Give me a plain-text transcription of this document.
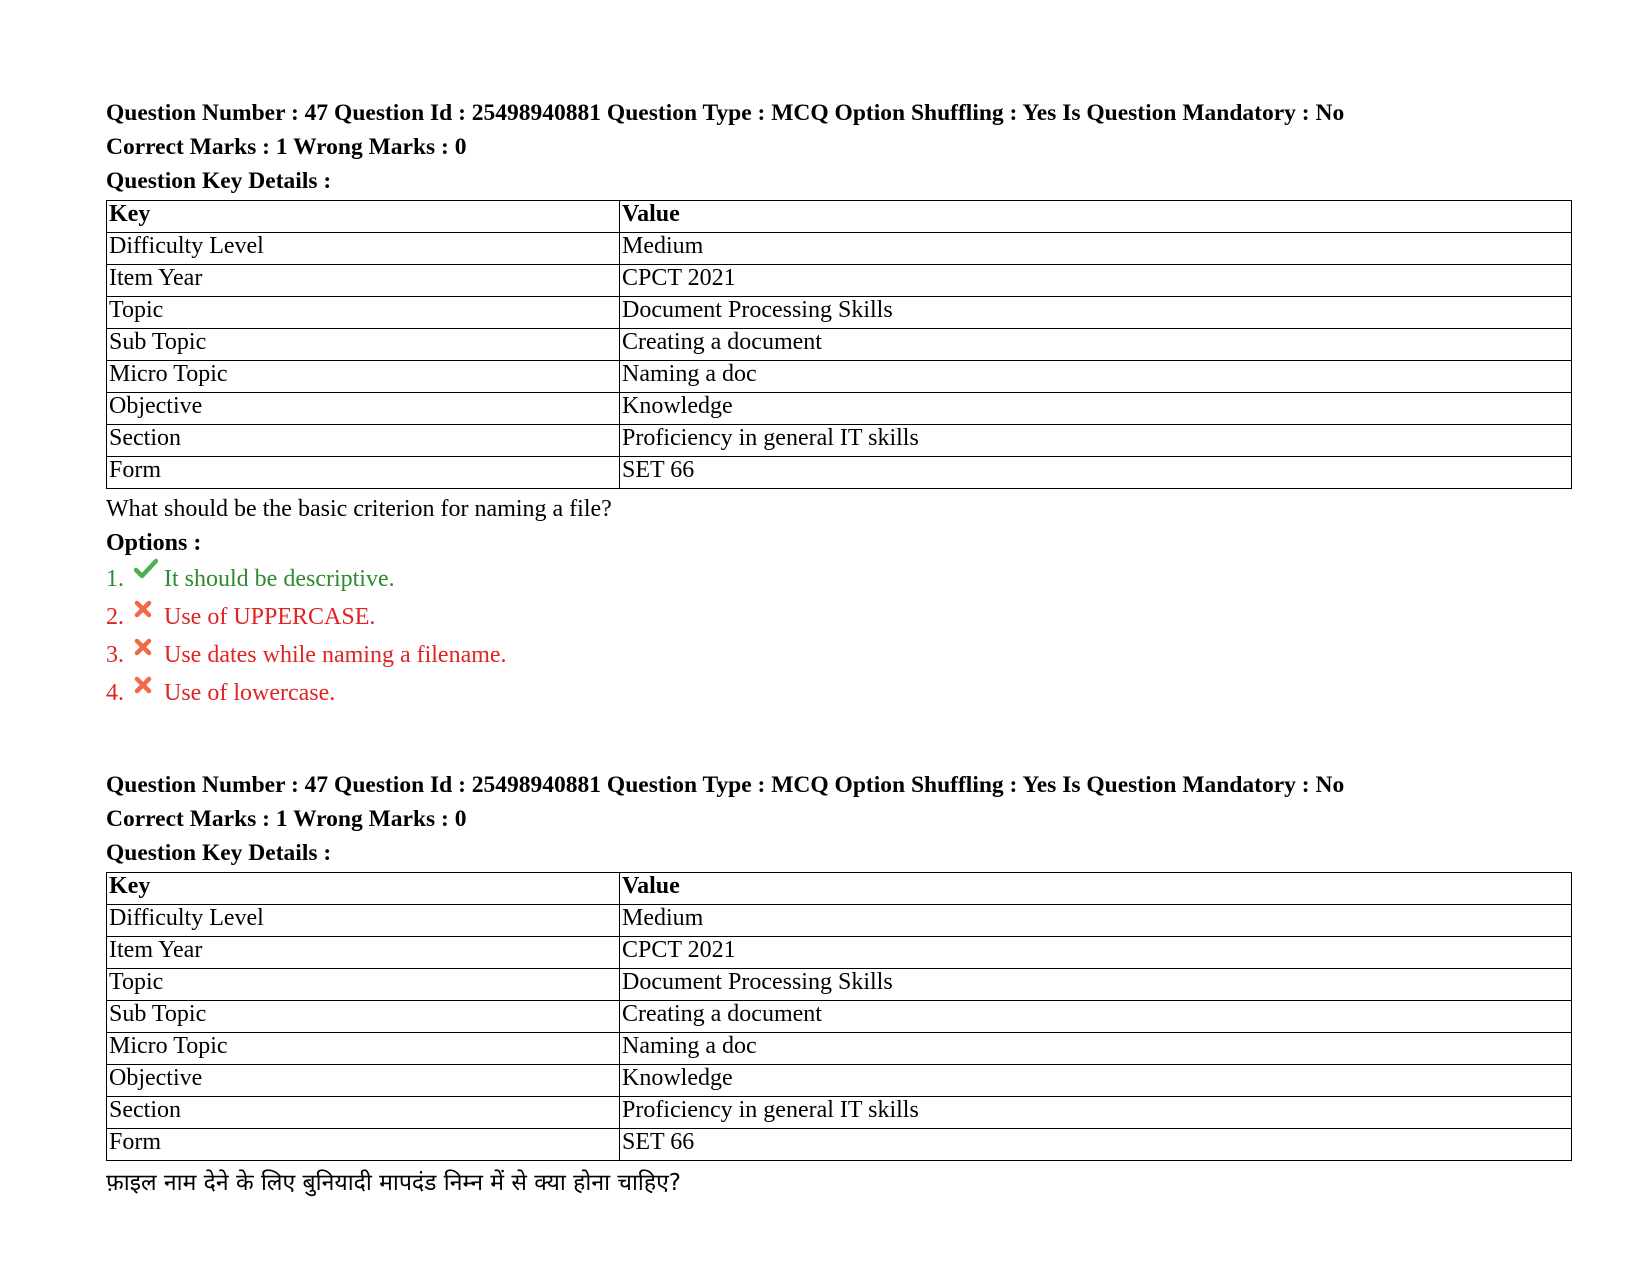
Question Number : 47 Question Id : 25498940881 Question Type : MCQ Option Shuffling : Yes Is Question Mandatory : No
Correct Marks : 1 Wrong Marks : 0
Question Key Details :
Key	Value
Difficulty Level	Medium
Item Year	CPCT 2021
Topic	Document Processing Skills
Sub Topic	Creating a document
Micro Topic	Naming a doc
Objective	Knowledge
Section	Proficiency in general IT skills
Form	SET 66
What should be the basic criterion for naming a file?
Options :
1.	It should be descriptive.
2.	Use of UPPERCASE.
3.	Use dates while naming a filename.
4.	Use of lowercase.
Question Number : 47 Question Id : 25498940881 Question Type : MCQ Option Shuffling : Yes Is Question Mandatory : No
Correct Marks : 1 Wrong Marks : 0
Question Key Details :
Key	Value
Difficulty Level	Medium
Item Year	CPCT 2021
Topic	Document Processing Skills
Sub Topic	Creating a document
Micro Topic	Naming a doc
Objective	Knowledge
Section	Proficiency in general IT skills
Form	SET 66
फ़ाइल नाम देने के लिए बुनियादी मापदंड निम्न में से क्या होना चाहिए?
